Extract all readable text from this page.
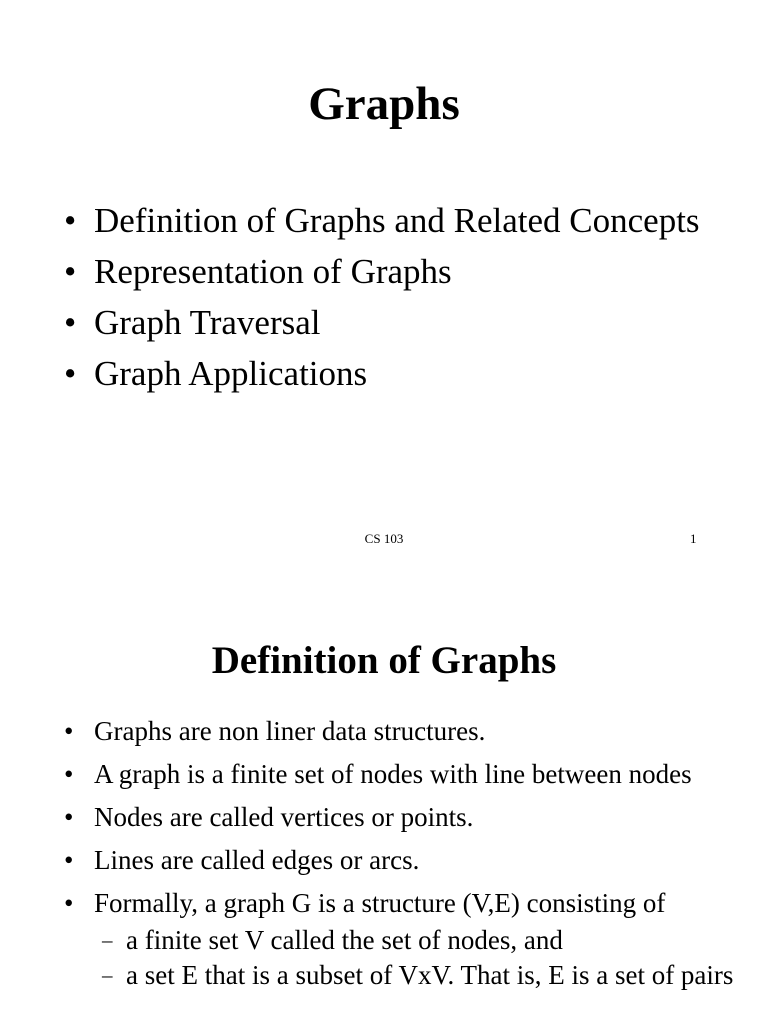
Graphs
• Definition of Graphs and Related Concepts
• Representation of Graphs
• Graph Traversal
• Graph Applications
CS 103	1
Definition of Graphs
• Graphs are non liner data structures.
• A graph is a finite set of nodes with line between nodes
• Nodes are called vertices or points.
• Lines are called edges or arcs.
• Formally, a graph G is a structure (V,E) consisting of
– a finite set V called the set of nodes, and
– a set E that is a subset of VxV. That is, E is a set of pairs
